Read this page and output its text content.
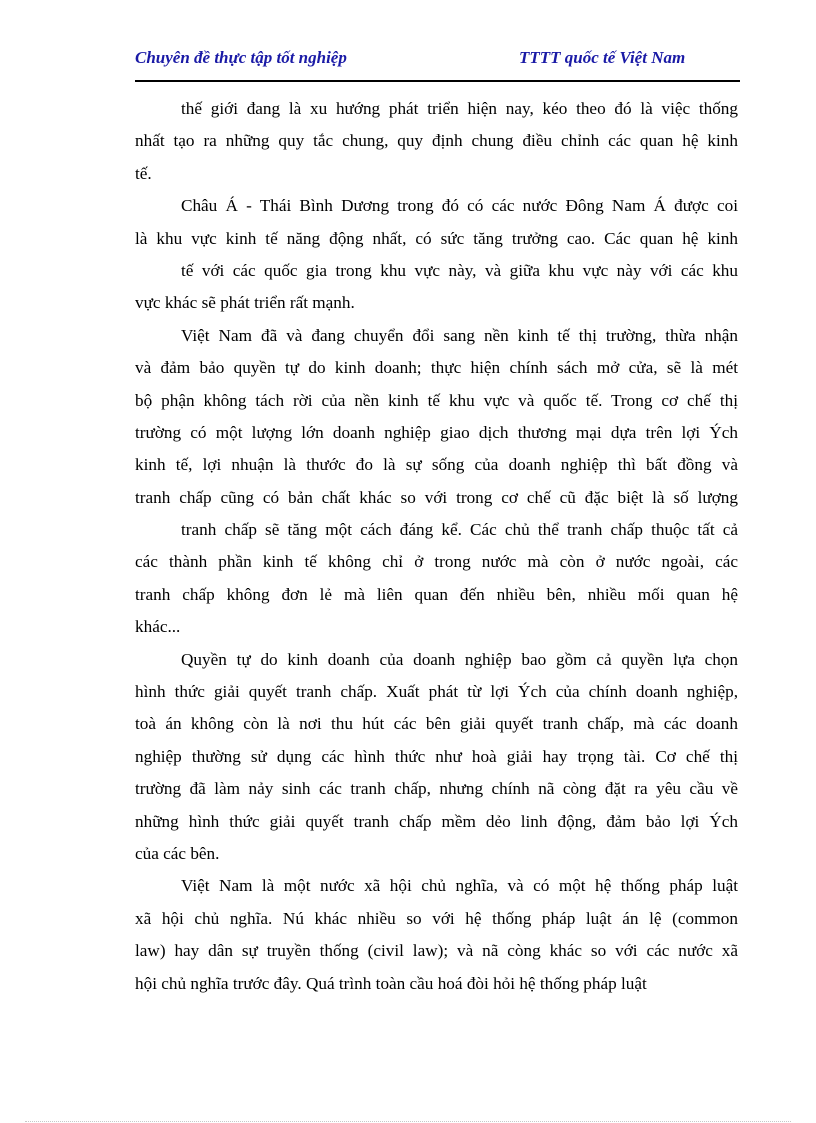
Chuyên đề thực tập tốt nghiệp	TTTT quốc tế Việt Nam
thế giới đang là xu hướng phát triển hiện nay, kéo theo đó là việc thống
nhất tạo ra những quy tắc chung, quy định chung điều chỉnh các quan hệ kinh
tế.
Châu Á - Thái Bình Dương trong đó có các nước Đông Nam Á được coi
là khu vực kinh tế năng động nhất, có sức tăng trưởng cao. Các quan hệ kinh
tế với các quốc gia trong khu vực này, và giữa khu vực này với các khu
vực khác sẽ phát triển rất mạnh.
Việt Nam đã và đang chuyển đổi sang nền kinh tế thị trường, thừa nhận
và đảm bảo quyền tự do kinh doanh; thực hiện chính sách mở cửa, sẽ là mét
bộ phận không tách rời của nền kinh tế khu vực và quốc tế. Trong cơ chế thị
trường có một lượng lớn doanh nghiệp giao dịch thương mại dựa trên lợi Ých
kinh tế, lợi nhuận là thước đo là sự sống của doanh nghiệp thì bất đồng và
tranh chấp cũng có bản chất khác so với trong cơ chế cũ đặc biệt là số lượng
tranh chấp sẽ tăng một cách đáng kể. Các chủ thể tranh chấp thuộc tất cả
các thành phần kinh tế không chỉ ở trong nước mà còn ở nước ngoài, các
tranh chấp không đơn lẻ mà liên quan đến nhiều bên, nhiều mối quan hệ
khác...
Quyền tự do kinh doanh của doanh nghiệp bao gồm cả quyền lựa chọn
hình thức giải quyết tranh chấp. Xuất phát từ lợi Ých của chính doanh nghiệp,
toà án không còn là nơi thu hút các bên giải quyết tranh chấp, mà các doanh
nghiệp thường sử dụng các hình thức như hoà giải hay trọng tài. Cơ chế thị
trường đã làm nảy sinh các tranh chấp, nhưng chính nã còng đặt ra yêu cầu về
những hình thức giải quyết tranh chấp mềm dẻo linh động, đảm bảo lợi Ých
của các bên.
Việt Nam là một nước xã hội chủ nghĩa, và có một hệ thống pháp luật
xã hội chủ nghĩa. Nú khác nhiều so với hệ thống pháp luật án lệ (common
law) hay dân sự truyền thống (civil law); và nã còng khác so với các nước xã
hội chủ nghĩa trước đây. Quá trình toàn cầu hoá đòi hỏi hệ thống pháp luật
